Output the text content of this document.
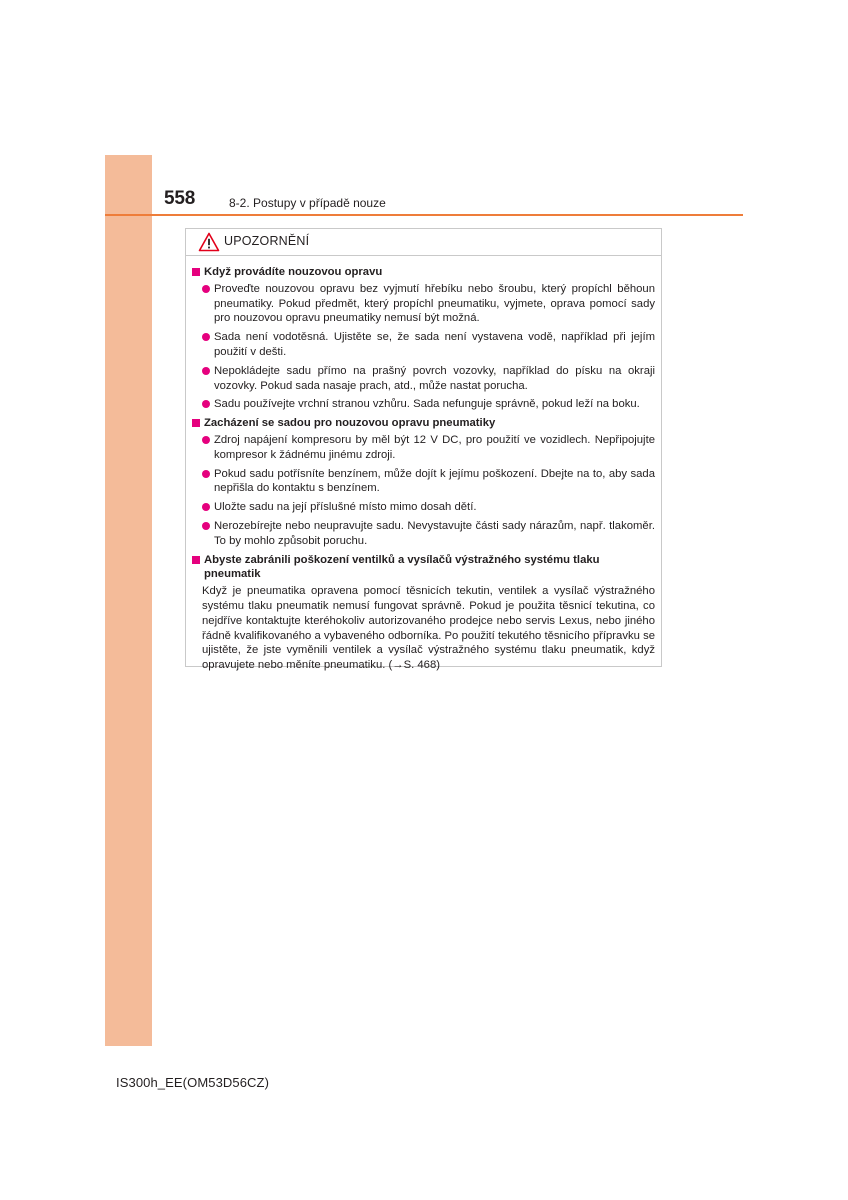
558	8-2. Postupy v případě nouze
UPOZORNĚNÍ
Když provádíte nouzovou opravu
Proveďte nouzovou opravu bez vyjmutí hřebíku nebo šroubu, který propíchl běhoun pneumatiky. Pokud předmět, který propíchl pneumatiku, vyjmete, oprava pomocí sady pro nouzovou opravu pneumatiky nemusí být možná.
Sada není vodotěsná. Ujistěte se, že sada není vystavena vodě, například při jejím použití v dešti.
Nepokládejte sadu přímo na prašný povrch vozovky, například do písku na okraji vozovky. Pokud sada nasaje prach, atd., může nastat porucha.
Sadu používejte vrchní stranou vzhůru. Sada nefunguje správně, pokud leží na boku.
Zacházení se sadou pro nouzovou opravu pneumatiky
Zdroj napájení kompresoru by měl být 12 V DC, pro použití ve vozidlech. Nepřipojujte kompresor k žádnému jinému zdroji.
Pokud sadu potřísníte benzínem, může dojít k jejímu poškození. Dbejte na to, aby sada nepřišla do kontaktu s benzínem.
Uložte sadu na její příslušné místo mimo dosah dětí.
Nerozebírejte nebo neupravujte sadu. Nevystavujte části sady nárazům, např. tlakoměr. To by mohlo způsobit poruchu.
Abyste zabránili poškození ventilků a vysílačů výstražného systému tlaku pneumatik
Když je pneumatika opravena pomocí těsnicích tekutin, ventilek a vysílač výstražného systému tlaku pneumatik nemusí fungovat správně. Pokud je použita těsnicí tekutina, co nejdříve kontaktujte kteréhokoliv autorizovaného prodejce nebo servis Lexus, nebo jiného řádně kvalifikovaného a vybaveného odborníka. Po použití tekutého těsnicího přípravku se ujistěte, že jste vyměnili ventilek a vysílač výstražného systému tlaku pneumatik, když opravujete nebo měníte pneumatiku. (→S. 468)
IS300h_EE(OM53D56CZ)
